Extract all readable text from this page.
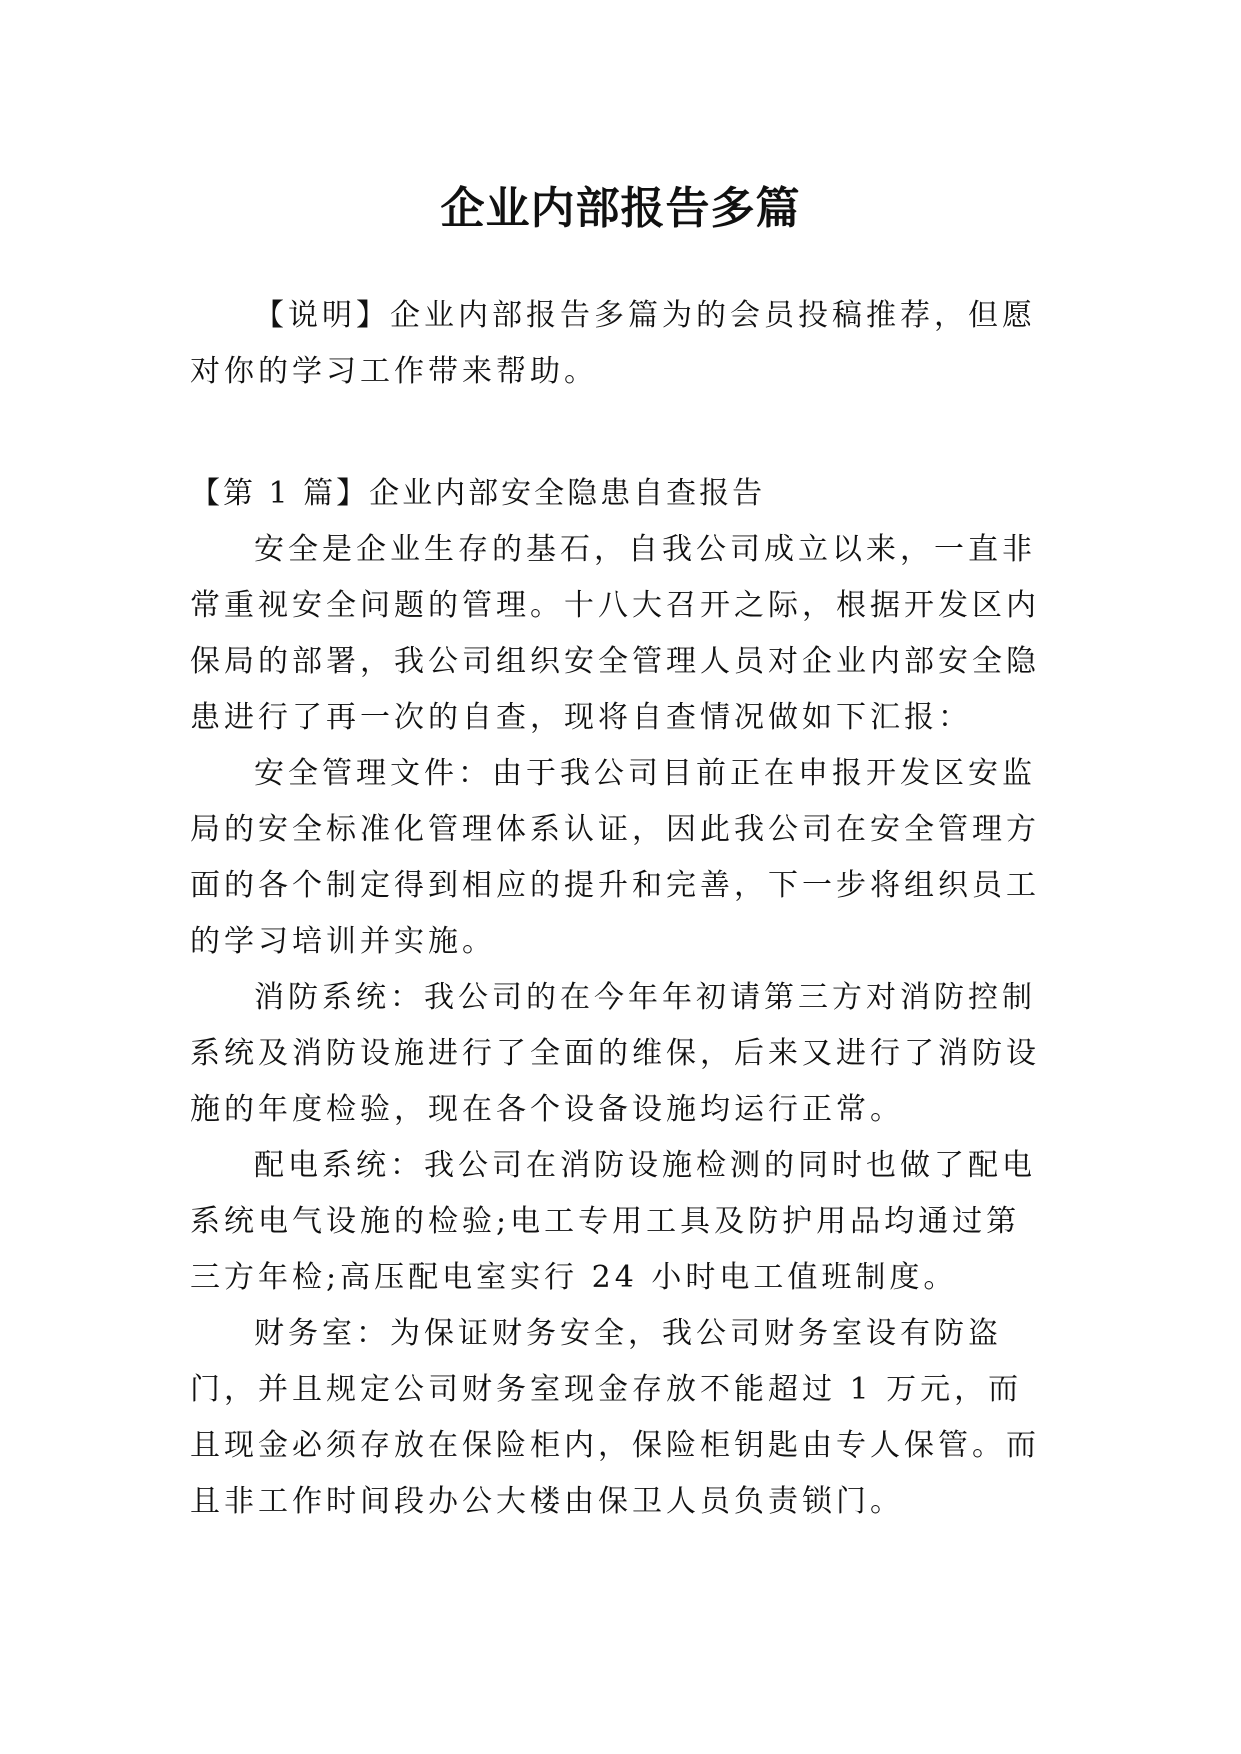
企业内部报告多篇

【说明】企业内部报告多篇为的会员投稿推荐，但愿对你的学习工作带来帮助。

【第 1 篇】企业内部安全隐患自查报告

安全是企业生存的基石，自我公司成立以来，一直非常重视安全问题的管理。十八大召开之际，根据开发区内保局的部署，我公司组织安全管理人员对企业内部安全隐患进行了再一次的自查，现将自查情况做如下汇报：

安全管理文件：由于我公司目前正在申报开发区安监局的安全标准化管理体系认证，因此我公司在安全管理方面的各个制定得到相应的提升和完善，下一步将组织员工的学习培训并实施。

消防系统：我公司的在今年年初请第三方对消防控制系统及消防设施进行了全面的维保，后来又进行了消防设施的年度检验，现在各个设备设施均运行正常。

配电系统：我公司在消防设施检测的同时也做了配电系统电气设施的检验;电工专用工具及防护用品均通过第三方年检;高压配电室实行 24 小时电工值班制度。

财务室：为保证财务安全，我公司财务室设有防盗门，并且规定公司财务室现金存放不能超过 1 万元，而且现金必须存放在保险柜内，保险柜钥匙由专人保管。而且非工作时间段办公大楼由保卫人员负责锁门。
